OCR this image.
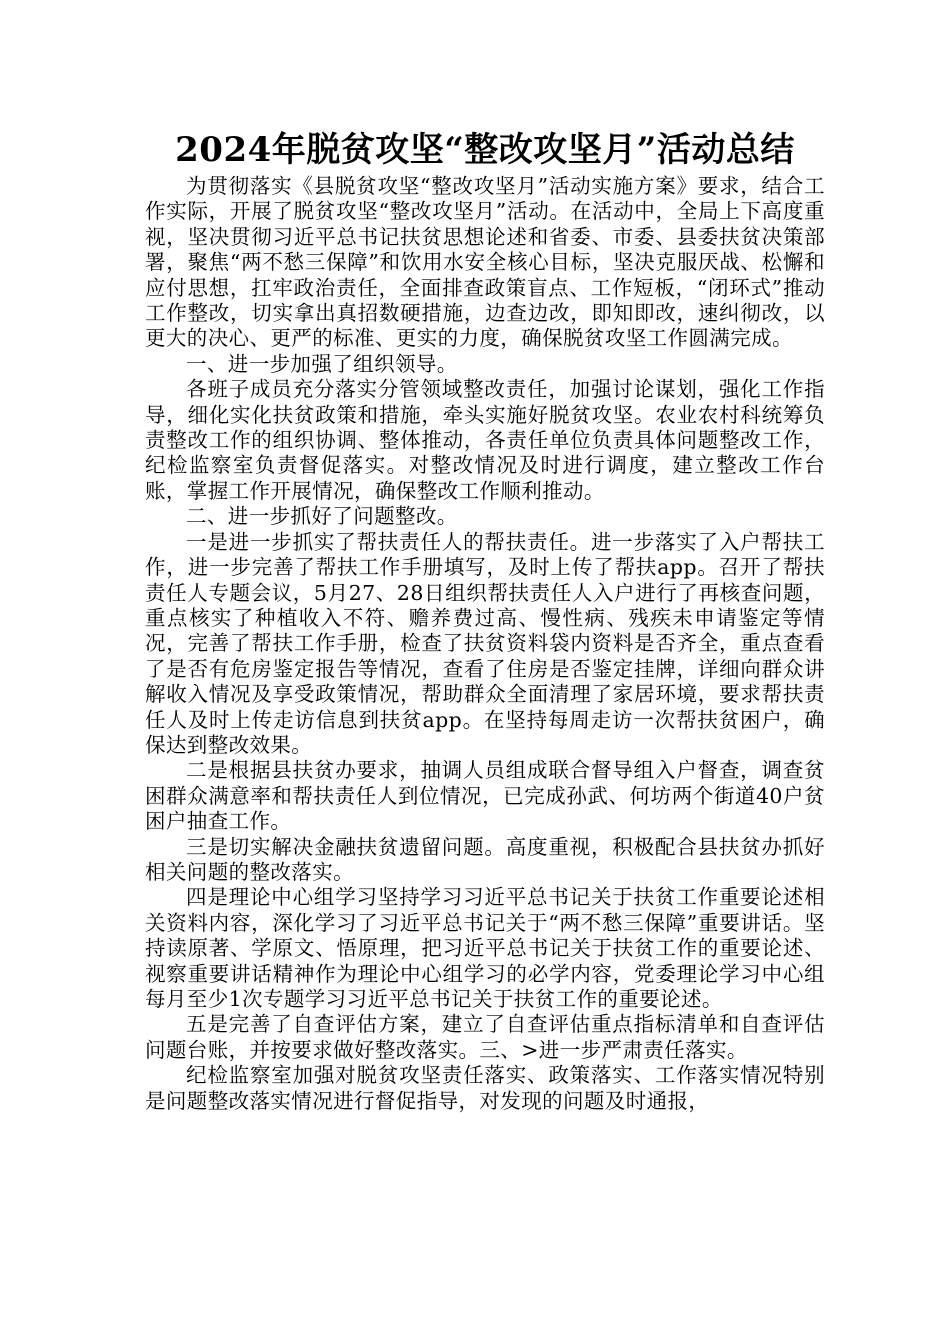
2024年脱贫攻坚“整改攻坚月”活动总结

为贯彻落实《县脱贫攻坚“整改攻坚月”活动实施方案》要求，结合工作实际，开展了脱贫攻坚“整改攻坚月”活动。在活动中，全局上下高度重视，坚决贯彻习近平总书记扶贫思想论述和省委、市委、县委扶贫决策部署，聚焦“两不愁三保障”和饮用水安全核心目标，坚决克服厌战、松懈和应付思想，扛牢政治责任，全面排查政策盲点、工作短板，“闭环式”推动工作整改，切实拿出真招数硬措施，边查边改，即知即改，速纠彻改，以更大的决心、更严的标准、更实的力度，确保脱贫攻坚工作圆满完成。

一、进一步加强了组织领导。

各班子成员充分落实分管领域整改责任，加强讨论谋划，强化工作指导，细化实化扶贫政策和措施，牵头实施好脱贫攻坚。农业农村科统筹负责整改工作的组织协调、整体推动，各责任单位负责具体问题整改工作，纪检监察室负责督促落实。对整改情况及时进行调度，建立整改工作台账，掌握工作开展情况，确保整改工作顺利推动。

二、进一步抓好了问题整改。

一是进一步抓实了帮扶责任人的帮扶责任。进一步落实了入户帮扶工作，进一步完善了帮扶工作手册填写，及时上传了帮扶app。召开了帮扶责任人专题会议，5月27、28日组织帮扶责任人入户进行了再核查问题，重点核实了种植收入不符、赡养费过高、慢性病、残疾未申请鉴定等情况，完善了帮扶工作手册，检查了扶贫资料袋内资料是否齐全，重点查看了是否有危房鉴定报告等情况，查看了住房是否鉴定挂牌，详细向群众讲解收入情况及享受政策情况，帮助群众全面清理了家居环境，要求帮扶责任人及时上传走访信息到扶贫app。在坚持每周走访一次帮扶贫困户，确保达到整改效果。

二是根据县扶贫办要求，抽调人员组成联合督导组入户督查，调查贫困群众满意率和帮扶责任人到位情况，已完成孙武、何坊两个街道40户贫困户抽查工作。

三是切实解决金融扶贫遗留问题。高度重视，积极配合县扶贫办抓好相关问题的整改落实。

四是理论中心组学习坚持学习习近平总书记关于扶贫工作重要论述相关资料内容，深化学习了习近平总书记关于“两不愁三保障”重要讲话。坚持读原著、学原文、悟原理，把习近平总书记关于扶贫工作的重要论述、视察重要讲话精神作为理论中心组学习的必学内容，党委理论学习中心组每月至少1次专题学习习近平总书记关于扶贫工作的重要论述。

五是完善了自查评估方案，建立了自查评估重点指标清单和自查评估问题台账，并按要求做好整改落实。三、>进一步严肃责任落实。

纪检监察室加强对脱贫攻坚责任落实、政策落实、工作落实情况特别是问题整改落实情况进行督促指导，对发现的问题及时通报，
